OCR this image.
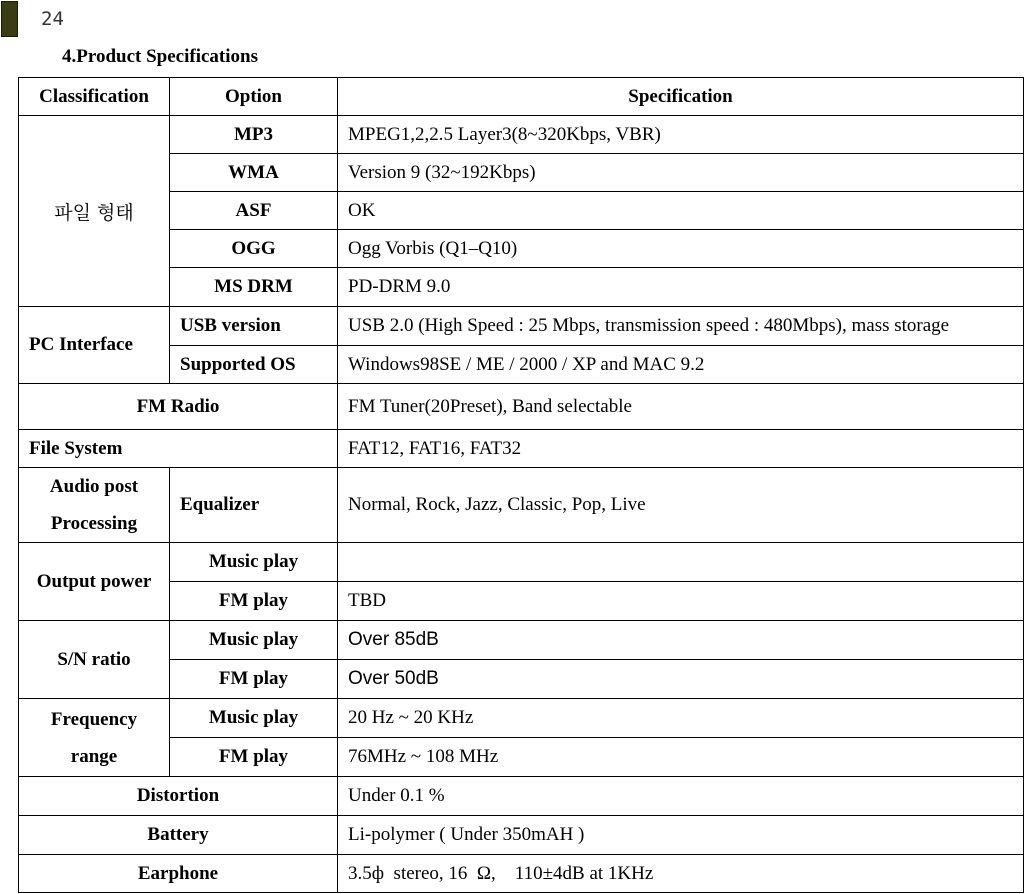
24
4.Product Specifications
Classification	Option	Specification
파일 형태	MP3	MPEG1,2,2.5 Layer3(8~320Kbps, VBR)
	WMA	Version 9 (32~192Kbps)
	ASF	OK
	OGG	Ogg Vorbis (Q1–Q10)
	MS DRM	PD-DRM 9.0
PC Interface	USB version	USB 2.0 (High Speed : 25 Mbps, transmission speed : 480Mbps), mass storage
	Supported OS	Windows98SE / ME / 2000 / XP and MAC 9.2
FM Radio		FM Tuner(20Preset), Band selectable
File System		FAT12, FAT16, FAT32
Audio post
Processing	Equalizer	Normal, Rock, Jazz, Classic, Pop, Live
Output power	Music play	
	FM play	TBD
S/N ratio	Music play	Over 85dB
	FM play	Over 50dB
Frequency
range	Music play	20 Hz ~ 20 KHz
	FM play	76MHz ~ 108 MHz
Distortion		Under 0.1 %
Battery		Li-polymer ( Under 350mAH )
Earphone		3.5ф  stereo, 16  Ω,    110±4dB at 1KHz
